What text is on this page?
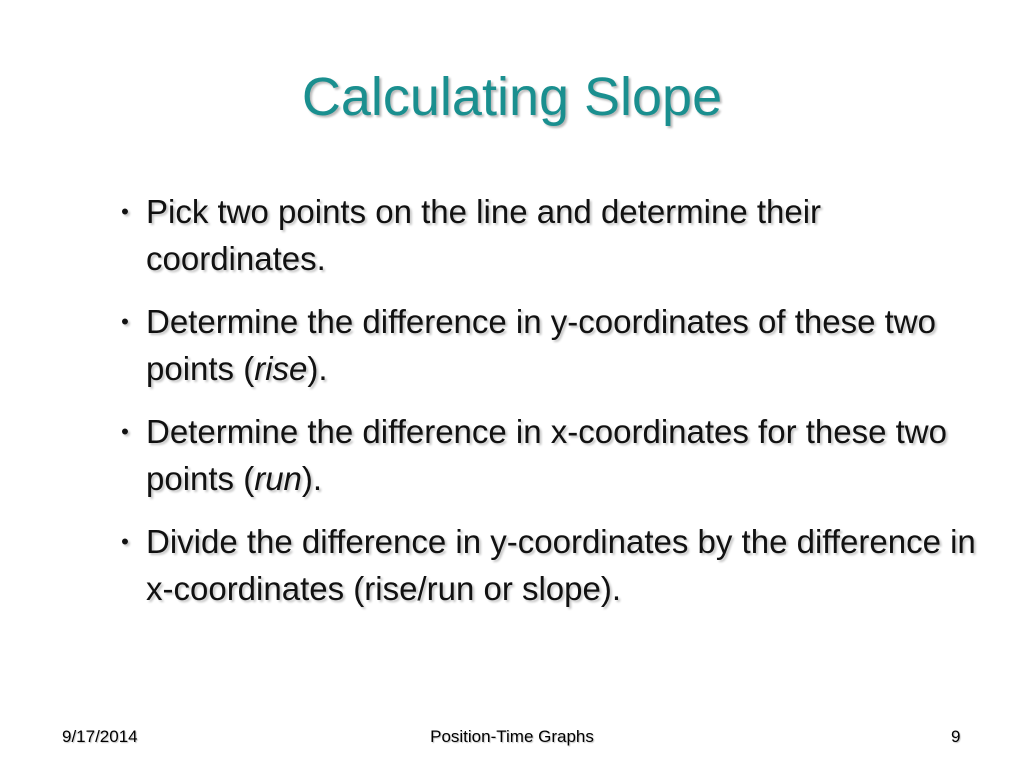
Calculating Slope
• Pick two points on the line and determine their coordinates.
• Determine the difference in y-coordinates of these two points (rise).
• Determine the difference in x-coordinates for these two points (run).
• Divide the difference in y-coordinates by the difference in x-coordinates (rise/run or slope).
9/17/2014	Position-Time Graphs	9
